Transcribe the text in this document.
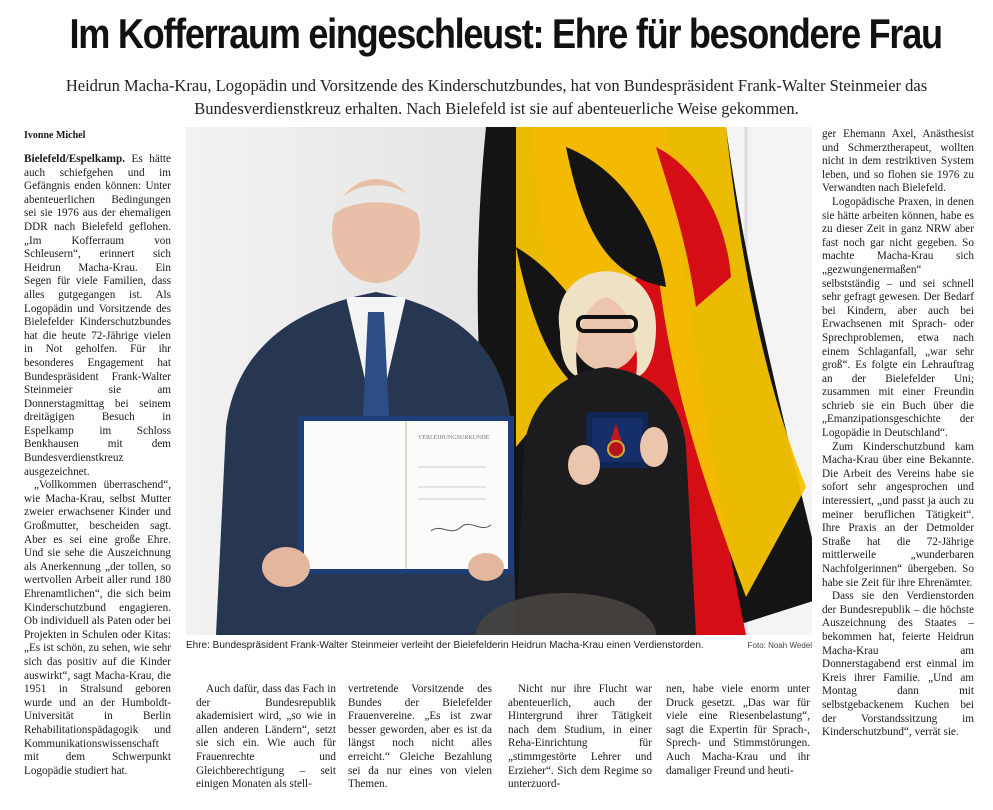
Im Kofferraum eingeschleust: Ehre für besondere Frau
Heidrun Macha-Krau, Logopädin und Vorsitzende des Kinderschutzbundes, hat von Bundespräsident Frank-Walter Steinmeier das Bundesverdienstkreuz erhalten. Nach Bielefeld ist sie auf abenteuerliche Weise gekommen.
Ivonne Michel

Bielefeld/Espelkamp. Es hätte auch schiefgehen und im Gefängnis enden können: Unter abenteuerlichen Bedingungen sei sie 1976 aus der ehemaligen DDR nach Bielefeld geflohen. „Im Kofferraum von Schleusern“, erinnert sich Heidrun Macha-Krau. Ein Segen für viele Familien, dass alles gutgegangen ist. Als Logopädin und Vorsitzende des Bielefelder Kinderschutzbundes hat die heute 72-Jährige vielen in Not geholfen. Für ihr besonderes Engagement hat Bundespräsident Frank-Walter Steinmeier sie am Donnerstagmittag bei seinem dreitägigen Besuch in Espelkamp im Schloss Benkhausen mit dem Bundesverdienstkreuz ausgezeichnet.

„Vollkommen überraschend“, wie Macha-Krau, selbst Mutter zweier erwachsener Kinder und Großmutter, bescheiden sagt. Aber es sei eine große Ehre. Und sie sehe die Auszeichnung als Anerkennung „der tollen, so wertvollen Arbeit aller rund 180 Ehrenamtlichen“, die sich beim Kinderschutzbund engagieren. Ob individuell als Paten oder bei Projekten in Schulen oder Kitas: „Es ist schön, zu sehen, wie sehr sich das positiv auf die Kinder auswirkt“, sagt Macha-Krau, die 1951 in Stralsund geboren wurde und an der Humboldt-Universität in Berlin Rehabilitationspädagogik und Kommunikationswissenschaft mit dem Schwerpunkt Logopädie studiert hat.

VERLEIHUNGSURKUNDE
Ehre: Bundespräsident Frank-Walter Steinmeier verleiht der Bielefelderin Heidrun Macha-Krau einen Verdienstorden.	Foto: Noah Wedel

Auch dafür, dass das Fach in der Bundesrepublik akademisiert wird, „so wie in allen anderen Ländern“, setzt sie sich ein. Wie auch für Frauenrechte und Gleichberechtigung – seit einigen Monaten als stell-

vertretende Vorsitzende des Bundes der Bielefelder Frauenvereine. „Es ist zwar besser geworden, aber es ist da längst noch nicht alles erreicht.“ Gleiche Bezahlung sei da nur eines von vielen Themen.

Nicht nur ihre Flucht war abenteuerlich, auch der Hintergrund ihrer Tätigkeit nach dem Studium, in einer Reha-Einrichtung für „stimmgestörte Lehrer und Erzieher“. Sich dem Regime so unterzuord-

nen, habe viele enorm unter Druck gesetzt. „Das war für viele eine Riesenbelastung“, sagt die Expertin für Sprach-, Sprech- und Stimmstörungen. Auch Macha-Krau und ihr damaliger Freund und heuti-

ger Ehemann Axel, Anästhesist und Schmerztherapeut, wollten nicht in dem restriktiven System leben, und so flohen sie 1976 zu Verwandten nach Bielefeld.

Logopädische Praxen, in denen sie hätte arbeiten können, habe es zu dieser Zeit in ganz NRW aber fast noch gar nicht gegeben. So machte Macha-Krau sich „gezwungenermaßen“ selbstständig – und sei schnell sehr gefragt gewesen. Der Bedarf bei Kindern, aber auch bei Erwachsenen mit Sprach- oder Sprechproblemen, etwa nach einem Schlaganfall, „war sehr groß“. Es folgte ein Lehrauftrag an der Bielefelder Uni; zusammen mit einer Freundin schrieb sie ein Buch über die „Emanzipationsgeschichte der Logopädie in Deutschland“.

Zum Kinderschutzbund kam Macha-Krau über eine Bekannte. Die Arbeit des Vereins habe sie sofort sehr angesprochen und interessiert, „und passt ja auch zu meiner beruflichen Tätigkeit“. Ihre Praxis an der Detmolder Straße hat die 72-Jährige mittlerweile „wunderbaren Nachfolgerinnen“ übergeben. So habe sie Zeit für ihre Ehrenämter.

Dass sie den Verdienstorden der Bundesrepublik – die höchste Auszeichnung des Staates – bekommen hat, feierte Heidrun Macha-Krau am Donnerstagabend erst einmal im Kreis ihrer Familie. „Und am Montag dann mit selbstgebackenem Kuchen bei der Vorstandssitzung im Kinderschutzbund“, verrät sie.
